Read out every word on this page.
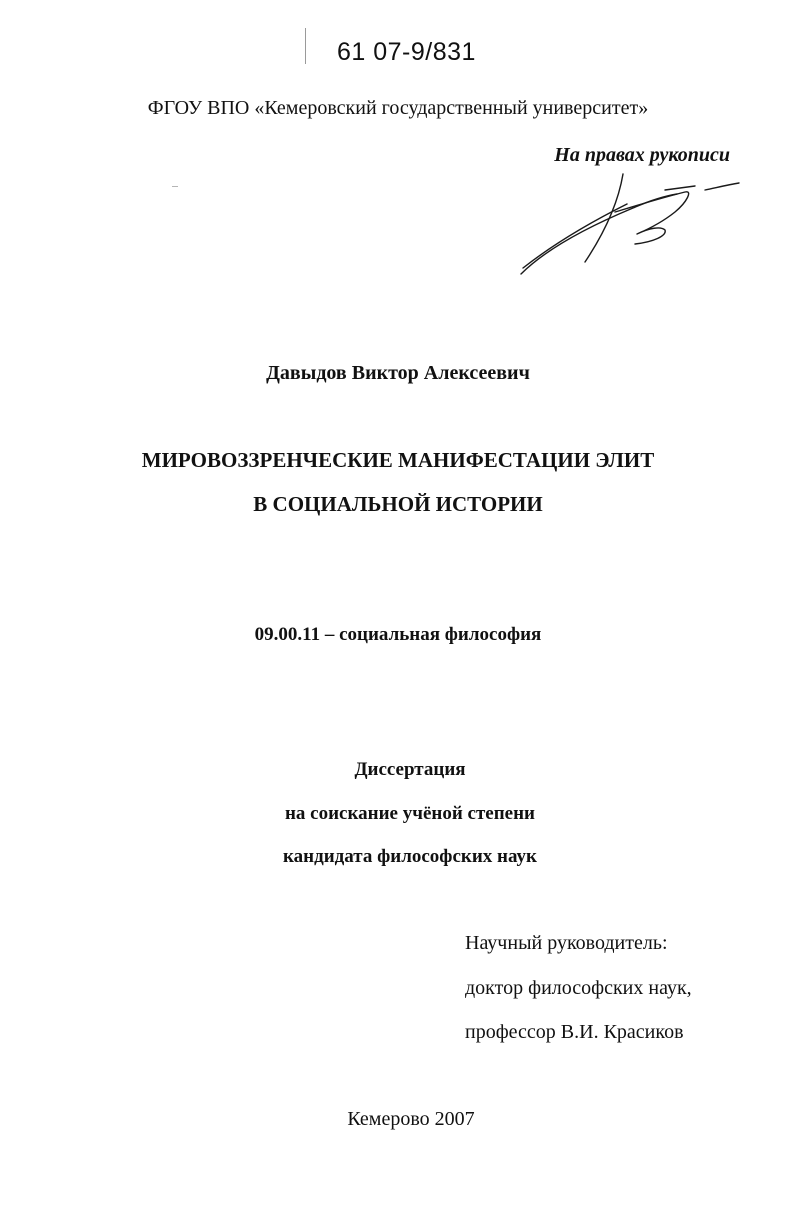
61 07-9/831
ФГОУ ВПО «Кемеровский государственный университет»
На правах рукописи
Давыдов Виктор Алексеевич
МИРОВОЗЗРЕНЧЕСКИЕ МАНИФЕСТАЦИИ ЭЛИТ
В СОЦИАЛЬНОЙ ИСТОРИИ
09.00.11 – социальная философия
Диссертация
на соискание учёной степени
кандидата философских наук
Научный руководитель:
доктор философских наук,
профессор В.И. Красиков
Кемерово 2007
